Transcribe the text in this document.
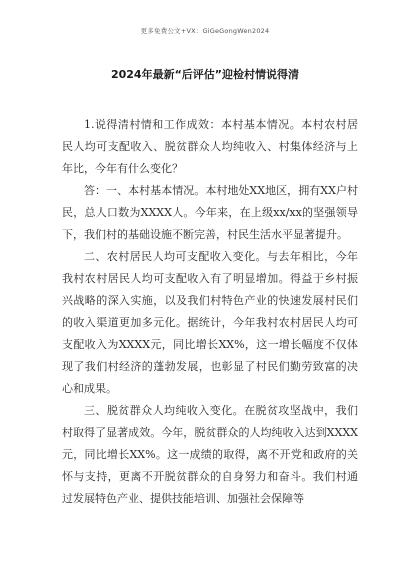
更多免费公文+VX：GiGeGongWen2024
2024年最新“后评估”迎检村情说得清

1.说得清村情和工作成效：本村基本情况。本村农村居民人均可支配收入、脱贫群众人均纯收入、村集体经济与上年比，今年有什么变化？

答：一、本村基本情况。本村地处XX地区，拥有XX户村民，总人口数为XXXX人。今年来，在上级xx/xx的坚强领导下，我们村的基础设施不断完善，村民生活水平显著提升。

二、农村居民人均可支配收入变化。与去年相比，今年我村农村居民人均可支配收入有了明显增加。得益于乡村振兴战略的深入实施，以及我们村特色产业的快速发展村民们的收入渠道更加多元化。据统计，今年我村农村居民人均可支配收入为XXXX元，同比增长XX%，这一增长幅度不仅体现了我们村经济的蓬勃发展，也彰显了村民们勤劳致富的决心和成果。

三、脱贫群众人均纯收入变化。在脱贫攻坚战中，我们村取得了显著成效。今年，脱贫群众的人均纯收入达到XXXX元，同比增长XX%。这一成绩的取得，离不开党和政府的关怀与支持，更离不开脱贫群众的自身努力和奋斗。我们村通过发展特色产业、提供技能培训、加强社会保障等
